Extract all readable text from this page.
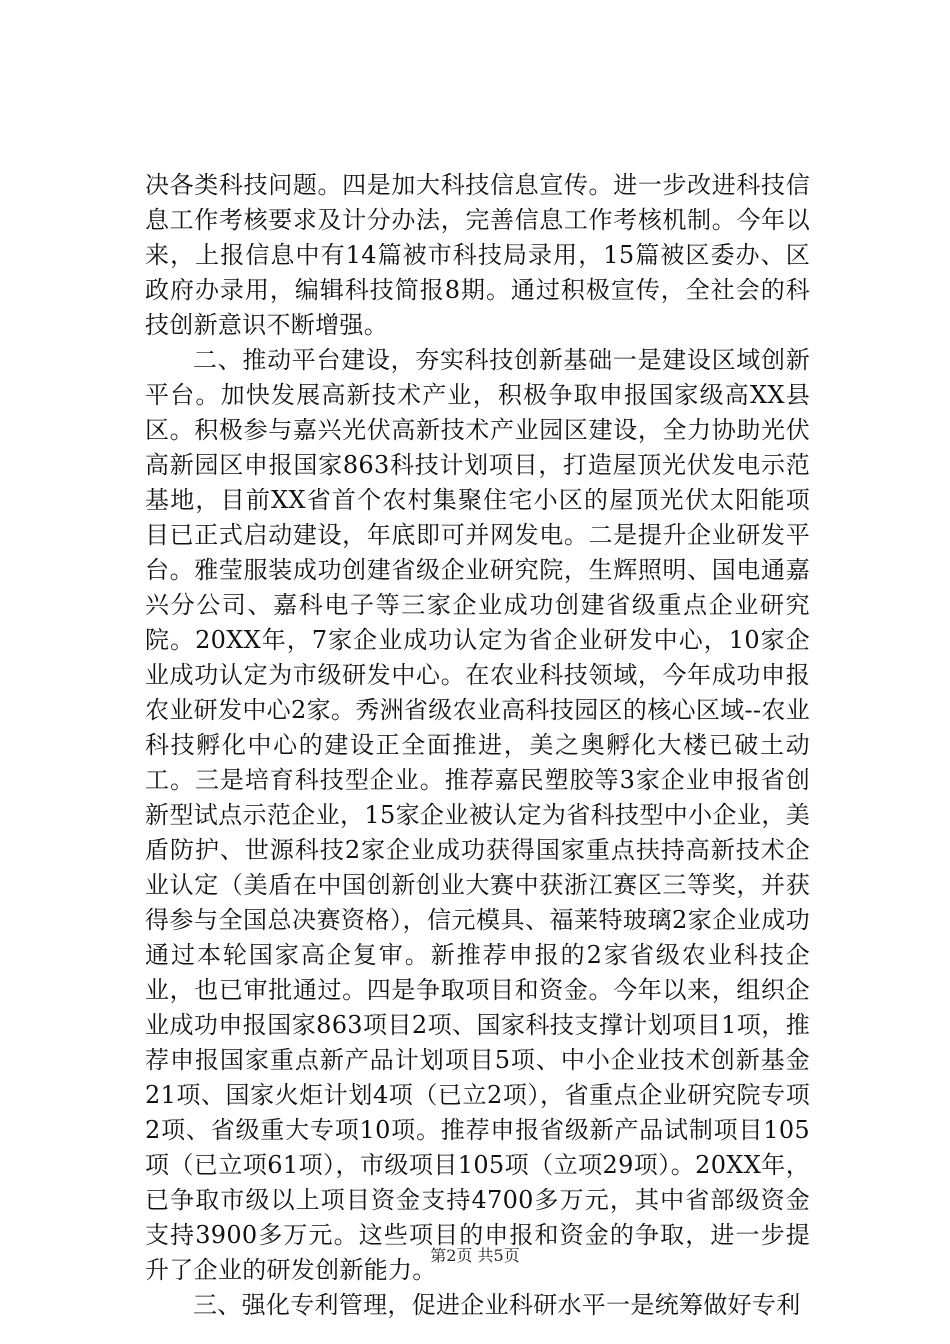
决各类科技问题。四是加大科技信息宣传。进一步改进科技信息工作考核要求及计分办法，完善信息工作考核机制。今年以来，上报信息中有14篇被市科技局录用，15篇被区委办、区政府办录用，编辑科技简报8期。通过积极宣传，全社会的科技创新意识不断增强。

二、推动平台建设，夯实科技创新基础一是建设区域创新平台。加快发展高新技术产业，积极争取申报国家级高XX县区。积极参与嘉兴光伏高新技术产业园区建设，全力协助光伏高新园区申报国家863科技计划项目，打造屋顶光伏发电示范基地，目前XX省首个农村集聚住宅小区的屋顶光伏太阳能项目已正式启动建设，年底即可并网发电。二是提升企业研发平台。雅莹服装成功创建省级企业研究院，生辉照明、国电通嘉兴分公司、嘉科电子等三家企业成功创建省级重点企业研究院。20XX年，7家企业成功认定为省企业研发中心，10家企业成功认定为市级研发中心。在农业科技领域，今年成功申报农业研发中心2家。秀洲省级农业高科技园区的核心区域--农业科技孵化中心的建设正全面推进，美之奥孵化大楼已破土动工。三是培育科技型企业。推荐嘉民塑胶等3家企业申报省创新型试点示范企业，15家企业被认定为省科技型中小企业，美盾防护、世源科技2家企业成功获得国家重点扶持高新技术企业认定（美盾在中国创新创业大赛中获浙江赛区三等奖，并获得参与全国总决赛资格），信元模具、福莱特玻璃2家企业成功通过本轮国家高企复审。新推荐申报的2家省级农业科技企业，也已审批通过。四是争取项目和资金。今年以来，组织企业成功申报国家863项目2项、国家科技支撑计划项目1项，推荐申报国家重点新产品计划项目5项、中小企业技术创新基金21项、国家火炬计划4项（已立2项），省重点企业研究院专项2项、省级重大专项10项。推荐申报省级新产品试制项目105项（已立项61项），市级项目105项（立项29项）。20XX年，已争取市级以上项目资金支持4700多万元，其中省部级资金支持3900多万元。这些项目的申报和资金的争取，进一步提升了企业的研发创新能力。

三、强化专利管理，促进企业科研水平一是统筹做好专利

第2页 共5页
